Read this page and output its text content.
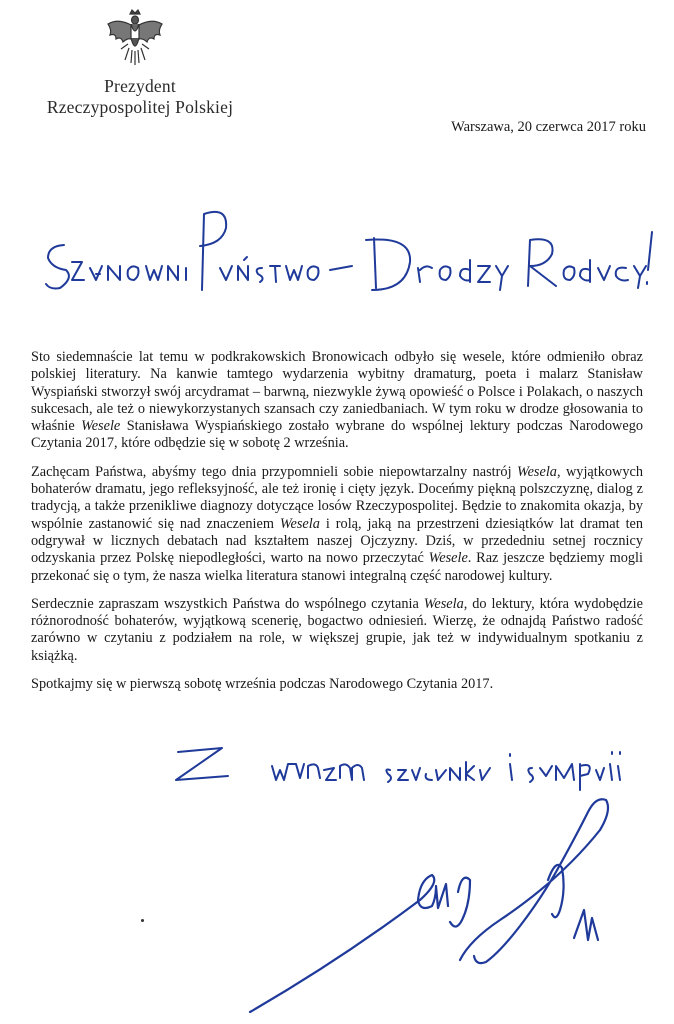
Prezydent
Rzeczypospolitej Polskiej
Warszawa, 20 czerwca 2017 roku

Sto siedemnaście lat temu w podkrakowskich Bronowicach odbyło się wesele, które odmieniło obraz polskiej literatury. Na kanwie tamtego wydarzenia wybitny dramaturg, poeta i malarz Stanisław Wyspiański stworzył swój arcydramat – barwną, niezwykle żywą opowieść o Polsce i Polakach, o naszych sukcesach, ale też o niewykorzystanych szansach czy zaniedbaniach. W tym roku w drodze głosowania to właśnie Wesele Stanisława Wyspiańskiego zostało wybrane do wspólnej lektury podczas Narodowego Czytania 2017, które odbędzie się w sobotę 2 września.

Zachęcam Państwa, abyśmy tego dnia przypomnieli sobie niepowtarzalny nastrój Wesela, wyjątkowych bohaterów dramatu, jego refleksyjność, ale też ironię i cięty język. Doceńmy piękną polszczyznę, dialog z tradycją, a także przenikliwe diagnozy dotyczące losów Rzeczypospolitej. Będzie to znakomita okazja, by wspólnie zastanowić się nad znaczeniem Wesela i rolą, jaką na przestrzeni dziesiątków lat dramat ten odgrywał w licznych debatach nad kształtem naszej Ojczyzny. Dziś, w przededniu setnej rocznicy odzyskania przez Polskę niepodległości, warto na nowo przeczytać Wesele. Raz jeszcze będziemy mogli przekonać się o tym, że nasza wielka literatura stanowi integralną część narodowej kultury.

Serdecznie zapraszam wszystkich Państwa do wspólnego czytania Wesela, do lektury, która wydobędzie różnorodność bohaterów, wyjątkową scenerię, bogactwo odniesień. Wierzę, że odnajdą Państwo radość zarówno w czytaniu z podziałem na role, w większej grupie, jak też w indywidualnym spotkaniu z książką.

Spotkajmy się w pierwszą sobotę września podczas Narodowego Czytania 2017.
